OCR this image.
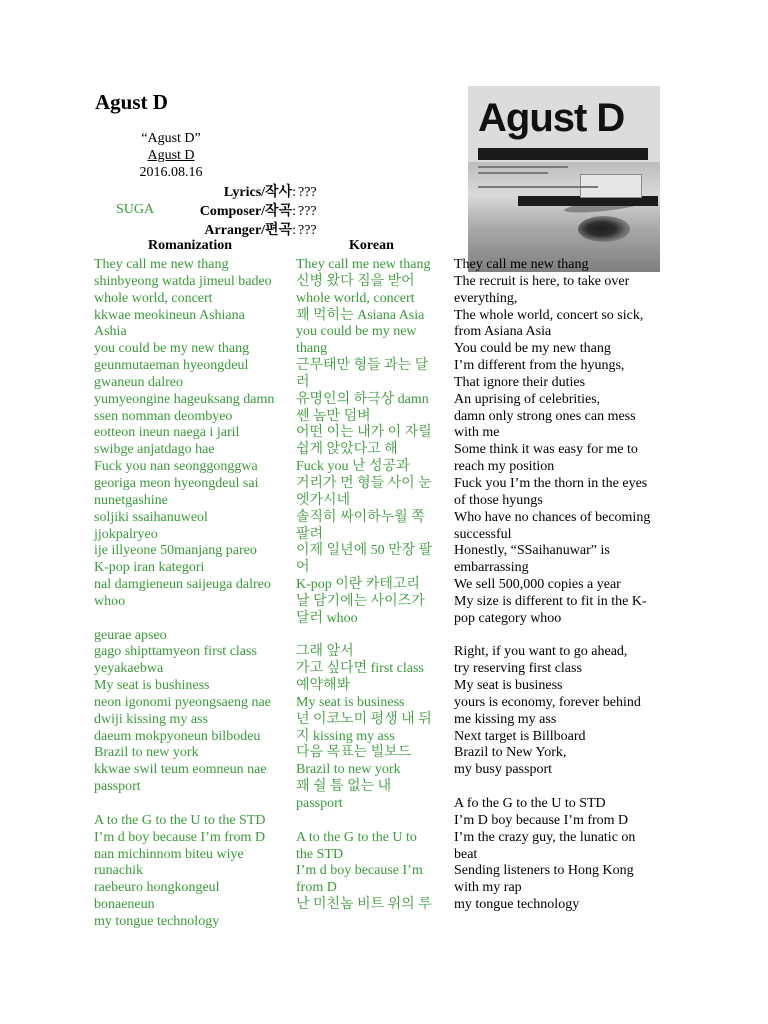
Agust D
“Agust D”
Agust D
2016.08.16
SUGA
Lyrics/작사: ???
Composer/작곡: ???
Arranger/편곡: ???
Agust D
Romanization	Korean
They call me new thang
shinbyeong watda jimeul badeo
whole world, concert
kkwae meokineun Ashiana
Ashia
you could be my new thang
geunmutaeman hyeongdeul
gwaneun dalreo
yumyeongine hageuksang damn
ssen nomman deombyeo
eotteon ineun naega i jaril
swibge anjatdago hae
Fuck you nan seonggonggwa
georiga meon hyeongdeul sai
nunetgashine
soljiki ssaihanuweol
jjokpalryeo
ije illyeone 50manjang pareo
K-pop iran kategori
nal damgieneun saijeuga dalreo
whoo
geurae apseo
gago shipttamyeon first class
yeyakaebwa
My seat is bushiness
neon igonomi pyeongsaeng nae
dwiji kissing my ass
daeum mokpyoneun bilbodeu
Brazil to new york
kkwae swil teum eomneun nae
passport
A to the G to the U to the STD
I’m d boy because I’m from D
nan michinnom biteu wiye
runachik
raebeuro hongkongeul
bonaeneun
my tongue technology
They call me new thang
신병 왔다 짐을 받어
whole world, concert
꽤 먹히는 Asiana Asia
you could be my new
thang
근무태만 형들 과는 달
러
유명인의 하극상 damn
쎈 놈만 덤벼
어떤 이는 내가 이 자릴
쉽게 앉았다고 해
Fuck you 난 성공과
거리가 먼 형들 사이 눈
엣가시네
솔직히 싸이하누월 쪽
팔려
이제 일년에 50 만장 팔
어
K-pop 이란 카테고리
날 담기에는 사이즈가
달러 whoo
그래 앞서
가고 싶다면 first class
예약해봐
My seat is business
넌 이코노미 평생 내 뒤
지 kissing my ass
다음 목표는 빌보드
Brazil to new york
꽤 쉴 틈 없는 내
passport
A to the G to the U to
the STD
I’m d boy because I’m
from D
난 미친놈 비트 위의 루
They call me new thang
The recruit is here, to take over
everything,
The whole world, concert so sick,
from Asiana Asia
You could be my new thang
I’m different from the hyungs,
That ignore their duties
An uprising of celebrities,
damn only strong ones can mess
with me
Some think it was easy for me to
reach my position
Fuck you I’m the thorn in the eyes
of those hyungs
Who have no chances of becoming
successful
Honestly, “SSaihanuwar” is
embarrassing
We sell 500,000 copies a year
My size is different to fit in the K-
pop category whoo
Right, if you want to go ahead,
try reserving first class
My seat is business
yours is economy, forever behind
me kissing my ass
Next target is Billboard
Brazil to New York,
my busy passport
A fo the G to the U to STD
I’m D boy because I’m from D
I’m the crazy guy, the lunatic on
beat
Sending listeners to Hong Kong
with my rap
my tongue technology
